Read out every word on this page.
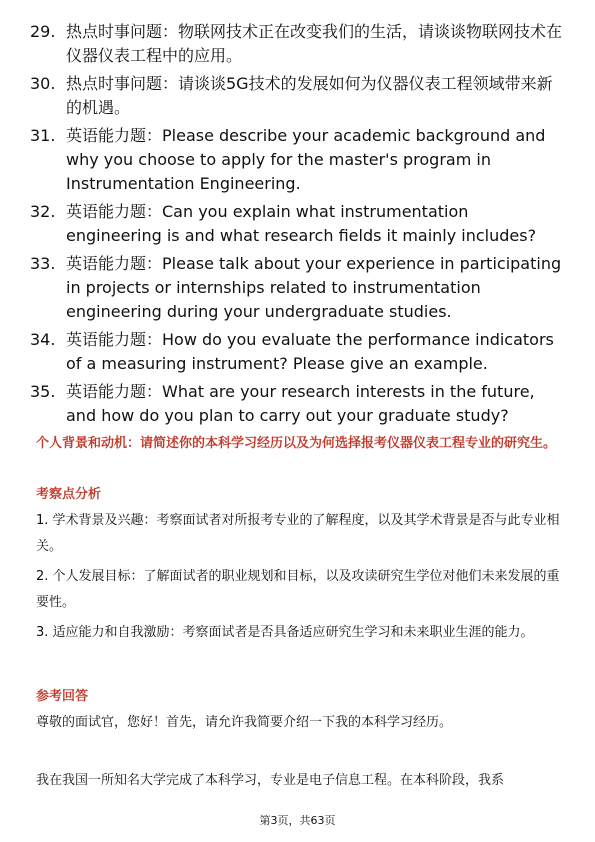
29. 热点时事问题：物联网技术正在改变我们的生活，请谈谈物联网技术在仪器仪表工程中的应用。
30. 热点时事问题：请谈谈5G技术的发展如何为仪器仪表工程领域带来新的机遇。
31. 英语能力题：Please describe your academic background and why you choose to apply for the master's program in Instrumentation Engineering.
32. 英语能力题：Can you explain what instrumentation engineering is and what research fields it mainly includes?
33. 英语能力题：Please talk about your experience in participating in projects or internships related to instrumentation engineering during your undergraduate studies.
34. 英语能力题：How do you evaluate the performance indicators of a measuring instrument? Please give an example.
35. 英语能力题：What are your research interests in the future, and how do you plan to carry out your graduate study?
个人背景和动机：请简述你的本科学习经历以及为何选择报考仪器仪表工程专业的研究生。
考察点分析
1. 学术背景及兴趣：考察面试者对所报考专业的了解程度，以及其学术背景是否与此专业相关。
2. 个人发展目标：了解面试者的职业规划和目标，以及攻读研究生学位对他们未来发展的重要性。
3. 适应能力和自我激励：考察面试者是否具备适应研究生学习和未来职业生涯的能力。
参考回答
尊敬的面试官，您好！首先，请允许我简要介绍一下我的本科学习经历。
我在我国一所知名大学完成了本科学习，专业是电子信息工程。在本科阶段，我系
第3页，共63页
